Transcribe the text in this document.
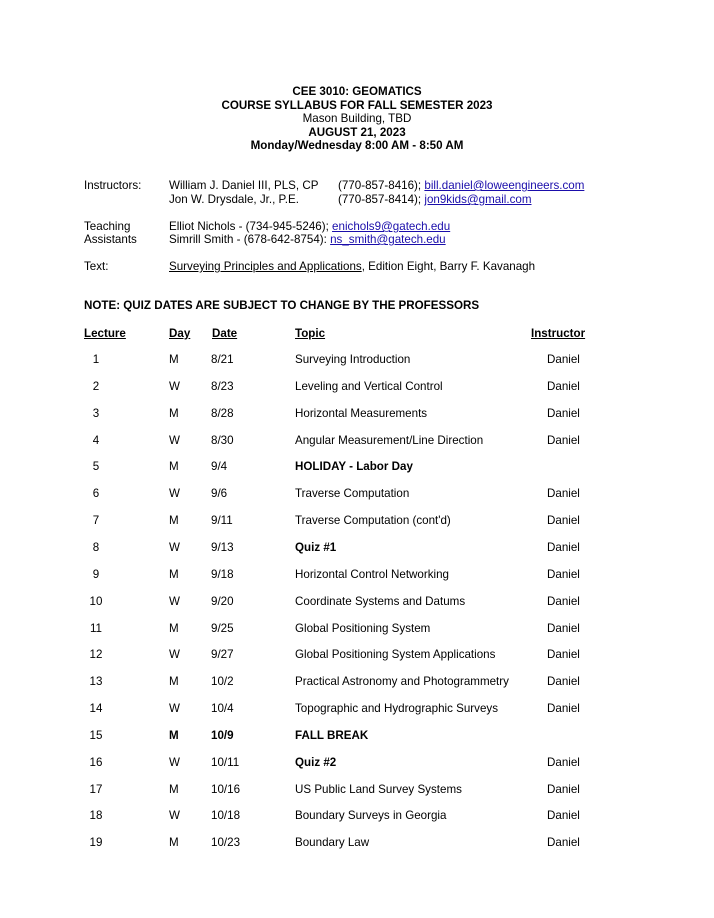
CEE 3010: GEOMATICS
COURSE SYLLABUS FOR FALL SEMESTER 2023
Mason Building, TBD
AUGUST 21, 2023
Monday/Wednesday 8:00 AM - 8:50 AM
Instructors: William J. Daniel III, PLS, CP (770-857-8416); bill.daniel@loweengineers.com
Jon W. Drysdale, Jr., P.E.	(770-857-8414); jon9kids@gmail.com
Teaching
Assistants
Elliot Nichols - (734-945-5246); enichols9@gatech.edu
Simrill Smith - (678-642-8754): ns_smith@gatech.edu
Text:	Surveying Principles and Applications, Edition Eight, Barry F. Kavanagh
NOTE: QUIZ DATES ARE SUBJECT TO CHANGE BY THE PROFESSORS
Lecture	Day Date	Topic	Instructor
1	M	8/21	Surveying Introduction	Daniel
2	W	8/23	Leveling and Vertical Control	Daniel
3	M	8/28	Horizontal Measurements	Daniel
4	W	8/30	Angular Measurement/Line Direction	Daniel
5	M	9/4	HOLIDAY - Labor Day
6	W	9/6	Traverse Computation	Daniel
7	M	9/11	Traverse Computation (cont'd)	Daniel
8	W	9/13	Quiz #1	Daniel
9	M	9/18	Horizontal Control Networking	Daniel
10	W	9/20	Coordinate Systems and Datums	Daniel
11	M	9/25	Global Positioning System	Daniel
12	W	9/27	Global Positioning System Applications	Daniel
13	M	10/2	Practical Astronomy and Photogrammetry	Daniel
14	W	10/4	Topographic and Hydrographic Surveys	Daniel
15	M	10/9	FALL BREAK
16	W	10/11	Quiz #2	Daniel
17	M	10/16	US Public Land Survey Systems	Daniel
18	W	10/18	Boundary Surveys in Georgia	Daniel
19	M	10/23	Boundary Law	Daniel
